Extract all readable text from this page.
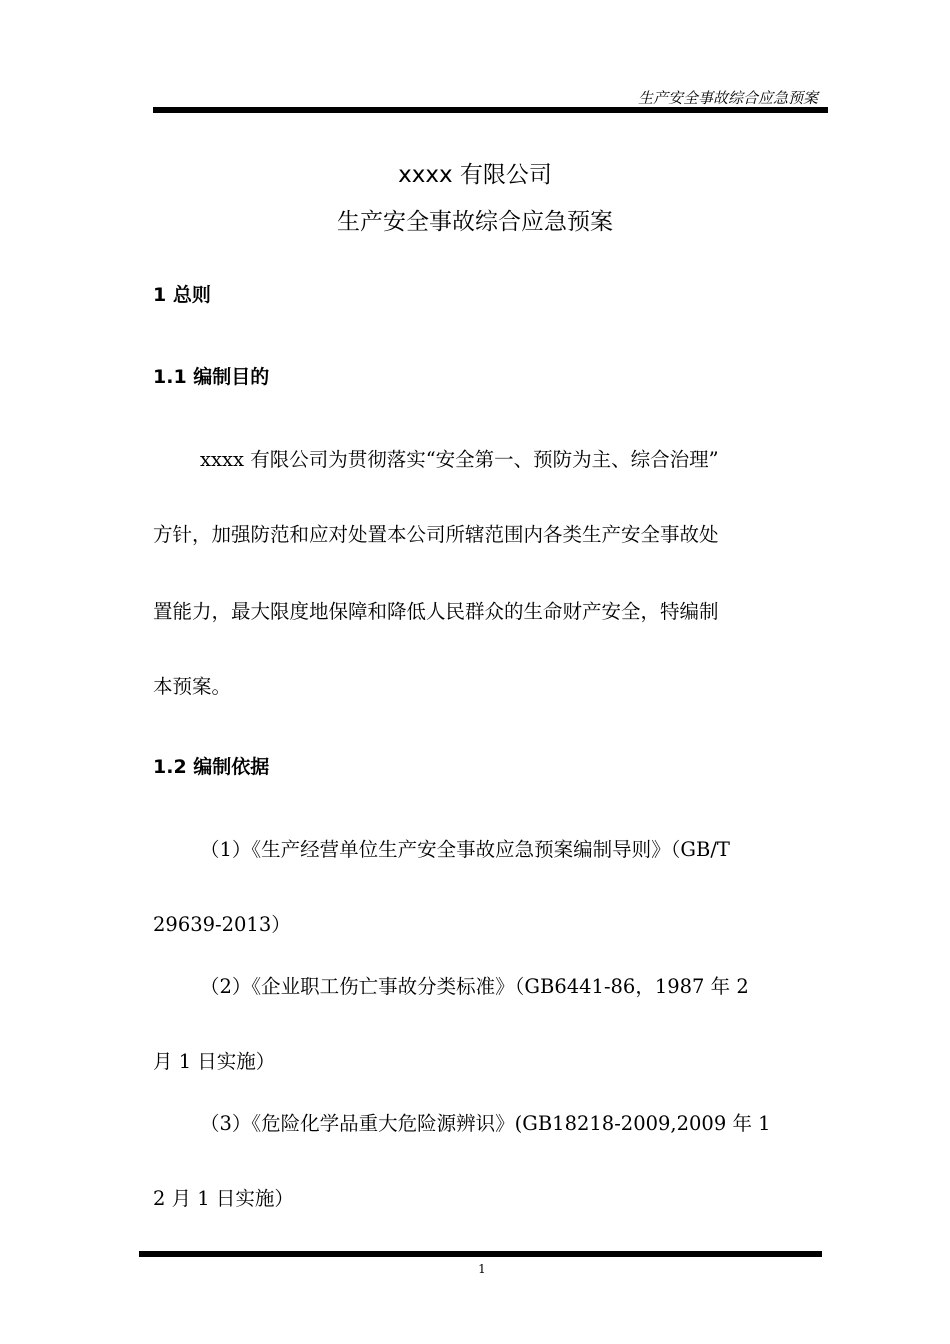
生产安全事故综合应急预案
xxxx 有限公司
生产安全事故综合应急预案
1 总则
1.1 编制目的
xxxx 有限公司为贯彻落实“安全第一、预防为主、综合治理”
方针，加强防范和应对处置本公司所辖范围内各类生产安全事故处
置能力，最大限度地保障和降低人民群众的生命财产安全，特编制
本预案。
1.2 编制依据
（1）《生产经营单位生产安全事故应急预案编制导则》（GB/T
29639-2013）
（2）《企业职工伤亡事故分类标准》（GB6441-86，1987 年 2
月 1 日实施）
（3）《危险化学品重大危险源辨识》(GB18218-2009,2009 年 1
2 月 1 日实施）
1
